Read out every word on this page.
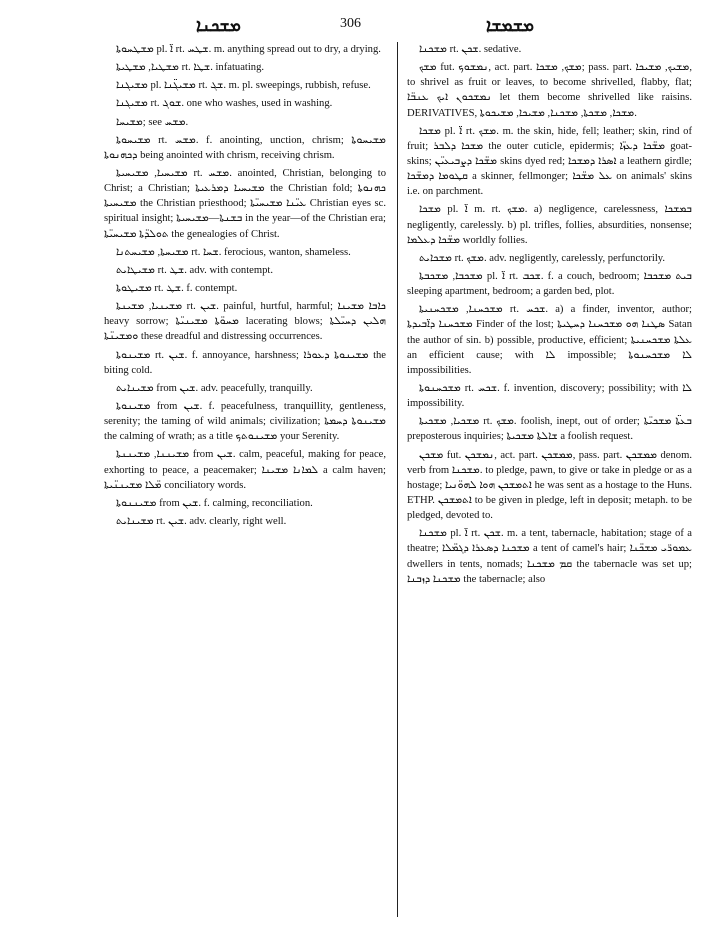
ܡܫܟܢܐ	306	ܡܫܡܫܐ

ܡܫܛܚܘܬܐ pl. ܐ̈ rt. ܫܛܚ. m. anything spread out to dry, a drying.

ܡܫܛܝܐ, ܡܫܛܝܬܐ rt. ܫܛܐ. infatuating.

ܡܫܝܓܢܐ pl. ܡܫܝܓ̈ܢܐ rt. ܫܓ. m. pl. sweepings, rubbish, refuse.

ܡܫܝܓܢܐ rt. ܫܘܓ. one who washes, used in washing.

ܡܫܝܚܐ; see ܡܫܚ.

ܡܫܝܚܘܬܐ rt. ܡܫܚ. f. anointing, unction, chrism; ܡܫܝܚܘܬܐ ܕܟܗܢܘܬܐ being anointed with chrism, receiving chrism.

ܡܫܝܚܝܐ, ܡܫܝܚܝܬܐ rt. ܡܫܚ. anointed, Christian, belonging to Christ; a Christian; ܡܫܝܚܝܐ ܕܡܪܥܝܬܐ the Christian fold; ܟܗܢܘܬܐ ܡܫܝܚܝܬܐ the Christian priesthood; ܥܝ̈ܢܐ ܡܫܝܚܝ̈ܬܐ Christian eyes sc. spiritual insight; ܒܫܢܬܐ—ܡܫܝܚܝܬܐ in the year—of the Christian era; ܬܘܠܕ̈ܬܐ ܡܫܝܚܝ̈ܬܐ the genealogies of Christ.

ܡܫܝܚܬܐ, ܡܫܝܚܬܢܐ rt. ܫܚܐ. ferocious, wanton, shameless.

ܡܫܝܛܐܝܬ rt. ܫܛ. adv. with contempt.

ܡܫܝܛܘܬܐ rt. ܫܛ. f. contempt.

ܡܫܝܢܝܐ, ܡܫܝܢܬܐ rt. ܫܝܢ. painful, hurtful, harmful; ܟܐܒܐ ܡܫܝܢܐ heavy sorrow; ܡܚܘ̈ܬܐ ܡܫܝܢܝ̈ܬܐ lacerating blows; ܗܠܝܢ ܕܚܝ̈ܠܬܐ ܘܡܫܝܢ̈ܬܐ these dreadful and distressing occurrences.

ܡܫܝܢܘܬܐ rt. ܫܝܢ. f. annoyance, harshness; ܡܫܝܢܘܬܐ ܕܥܘܪܐ the biting cold.

ܡܫܝܢܐܝܬ from ܫܝܢ. adv. peacefully, tranquilly.

ܡܫܝܢܘܬܐ from ܫܝܢ. f. peacefulness, tranquillity, gentleness, serenity; the taming of wild animals; civilization; ܡܫܝܢܘܬܐ ܕܚܡܬܐ the calming of wrath; as a title ܡܫܝܢܘܬܟ your Serenity.

ܡܫܝܢܢܐ, ܡܫܝܢܢܬܐ from ܫܝܢ. calm, peaceful, making for peace, exhorting to peace, a peacemaker; ܠܡܐܢܐ ܡܫܝܢܐ a calm haven; ܡ̈ܠܐ ܡܫܝܢܢ̈ܝܬܐ conciliatory words.

ܡܫܝܢܢܘܬܐ from ܫܝܢ. f. calming, reconciliation.

ܡܫܝܢܐܝܬ rt. ܫܝܢ. adv. clearly, right well.

ܡܫܟܢܐ rt. ܫܟܢ. sedative.

ܡܫܟ fut. ܢܡܫܘܟ, act. part. ܡܫܟ, ܡܫܟܐ; pass. part. ܡܫܝܟ, ܡܫܝܟܐ, to shrivel as fruit or leaves, to become shrivelled, flabby, flat; ܢܡܫܟܘܢ ܐܝܟ ܥܢܒ̈ܐ let them become shrivelled like raisins. DERIVATIVES, ܡܫܟܐ, ܡܫܟܬܐ, ܡܫܟܢܐ, ܡܫܝܟܐ, ܡܫܝܟܘܬܐ.

ܡܫܟܐ pl. ܐ̈ rt. ܡܫܟ. m. the skin, hide, fell; leather; skin, rind of fruit; ܡܫܟܐ ܕܠܒܪ the outer cuticle, epidermis; ܡܫ̈ܟܐ ܕܥܙ̈ܐ goat-skins; ܡܫ̈ܟܐ ܕܨܒܝܥܝ̈ܢ skins dyed red; ܐܣܪܐ ܕܡܫܟܐ a leathern girdle; ܩܛܘܡܐ ܕܡܫ̈ܟܐ a skinner, fellmonger; ܥܠ ܡܫ̈ܟܐ on animals' skins i.e. on parchment.

ܡܫܟܐ pl. ܐ̈ m. rt. ܡܫܟ. a) negligence, carelessness, ܒܡܫܟܐ negligently, carelessly. b) pl. trifles, follies, absurdities, nonsense; ܡܫ̈ܟܐ ܕܥܠܡܐ worldly follies.

ܡܫܟܐܝܬ rt. ܡܫܟ. adv. negligently, carelessly, perfunctorily.

ܡܫܟܒܐ, ܡܫܟܒܬܐ pl. ܐ̈ rt. ܫܟܒ. f. a couch, bedroom; ܒܝܬ ܡܫܟܒܐ sleeping apartment, bedroom; a garden bed, plot.

ܡܫܟܚܢܐ, ܡܫܟܚܢܝܬܐ rt. ܫܟܚ. a) a finder, inventor, author; ܡܫܟܚܢܐ ܕܐ̈ܒܝܕܬܐ Finder of the lost; ܣܛܢܐ ܗܘ ܡܫܟܚܢܐ ܕܚܛܝܬܐ Satan the author of sin. b) possible, productive, efficient; ܥܠܬܐ ܡܫܟܚܢܝܬܐ an efficient cause; with ܠܐ impossible; ܠܐ ܡܫܟܚܢܘܬܐ impossibilities.

ܡܫܟܚܢܘܬܐ rt. ܫܟܚ. f. invention, discovery; possibility; with ܠܐ impossibility.

ܡܫܟܝܐ, ܡܫܟܝܬܐ rt. ܡܫܟ. foolish, inept, out of order; ܒܥܬ̈ܐ ܡܫܟܝ̈ܬܐ preposterous inquiries; ܫܐܠܬܐ ܡܫܟܝܬܐ a foolish request.

ܡܫܟܢ fut. ܢܡܫܟܢ, act. part. ܡܡܫܟܢ, pass. part. ܡܡܫܟܢ denom. verb from ܡܫܟܢܐ. to pledge, pawn, to give or take in pledge or as a hostage; ܐܬܡܫܟܢ ܗܘܐ ܠܗܘ̈ܢܝܐ he was sent as a hostage to the Huns. ETHP. ܐܬܡܫܟܢ to be given in pledge, left in deposit; metaph. to be pledged, devoted to.

ܡܫܟܢܐ pl. ܐ̈ rt. ܫܟܢ. m. a tent, tabernacle, habitation; stage of a theatre; ܡܫܟܢܐ ܕܣܥܪܐ ܕܓܡ̈ܠܐ a tent of camel's hair; ܥܡܘܪ̈ܝ ܡܫܟ̈ܢܐ dwellers in tents, nomads; ܩܡ ܡܫܟܢܐ the tabernacle was set up; ܡܫܟܢܐ ܕܙܒܢܐ the tabernacle; also
